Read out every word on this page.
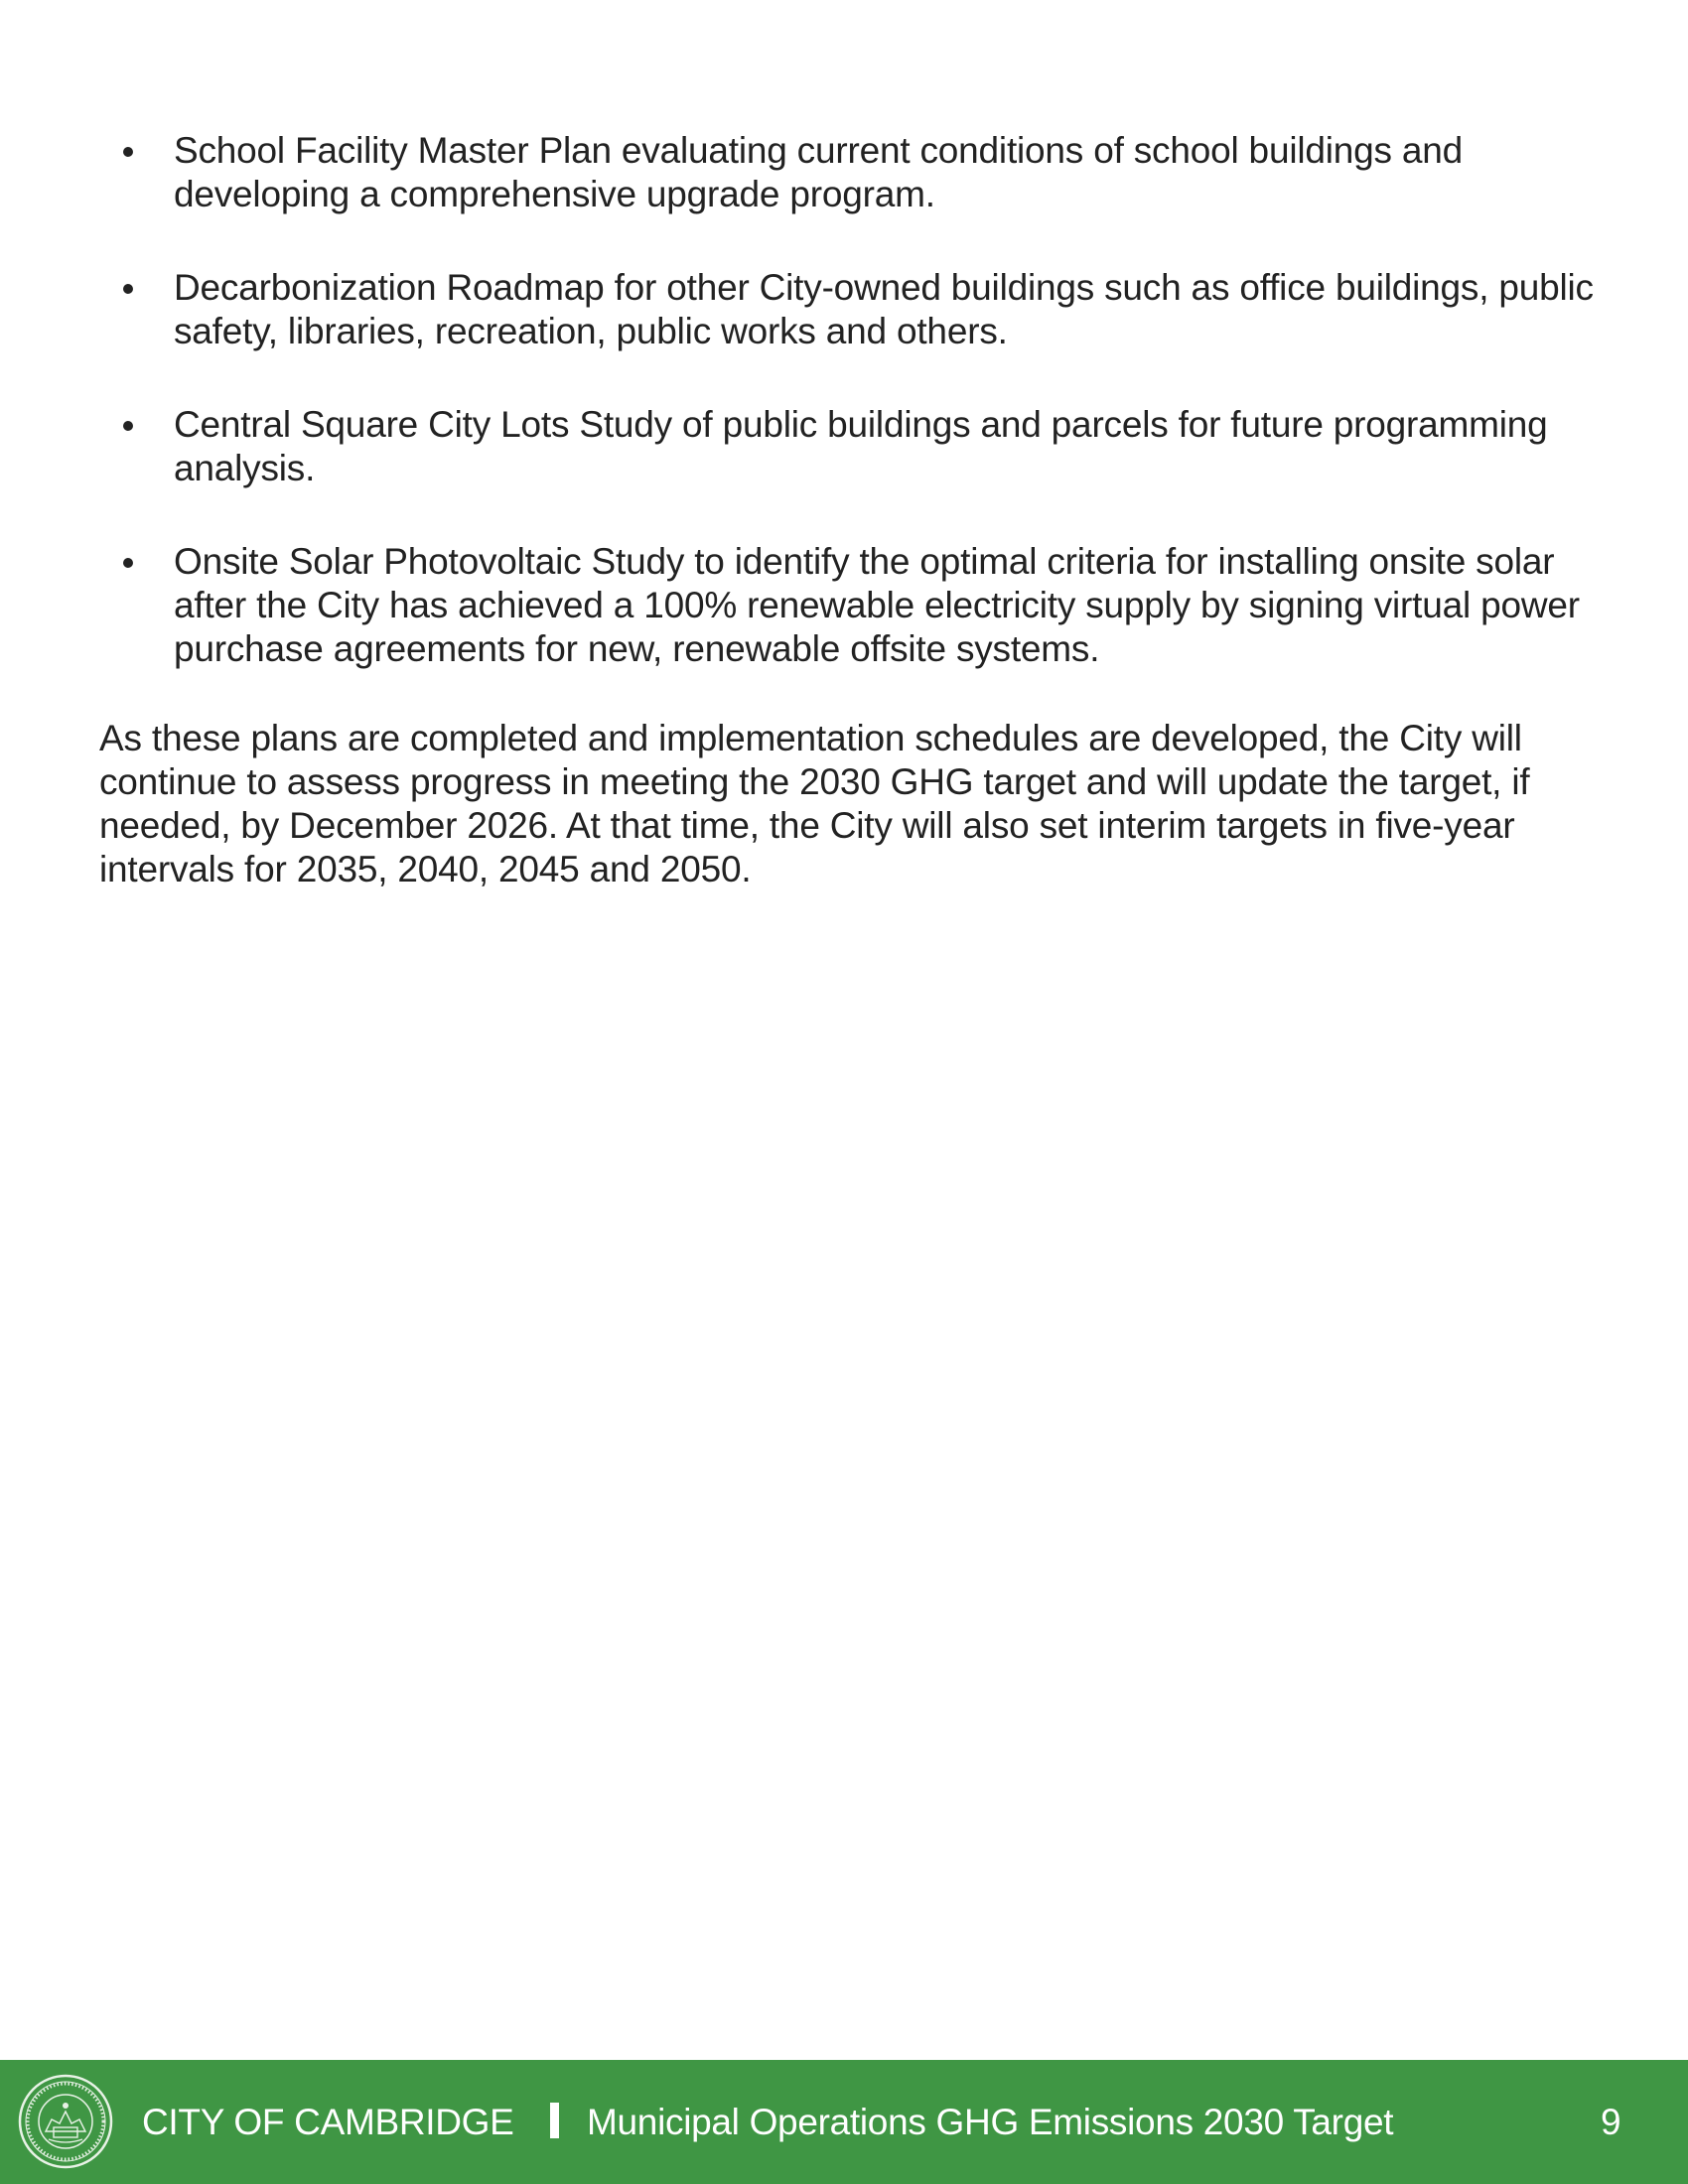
School Facility Master Plan evaluating current conditions of school buildings and developing a comprehensive upgrade program.
Decarbonization Roadmap for other City-owned buildings such as office buildings, public safety, libraries, recreation, public works and others.
Central Square City Lots Study of public buildings and parcels for future programming analysis.
Onsite Solar Photovoltaic Study to identify the optimal criteria for installing onsite solar after the City has achieved a 100% renewable electricity supply by signing virtual power purchase agreements for new, renewable offsite systems.

As these plans are completed and implementation schedules are developed, the City will continue to assess progress in meeting the 2030 GHG target and will update the target, if needed, by December 2026. At that time, the City will also set interim targets in five-year intervals for 2035, 2040, 2045 and 2050.

CITY OF CAMBRIDGE Municipal Operations GHG Emissions 2030 Target	9
